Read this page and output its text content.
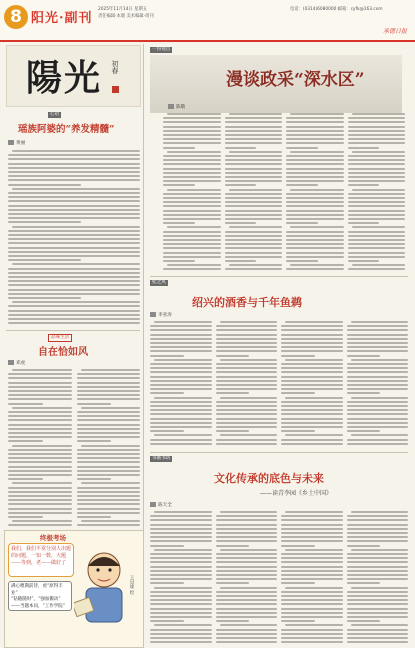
8 阳光·副刊
2025年11月14日 星期五
责任编辑·本版 美术编辑·周刊
电话：(0314)6080000 邮箱：cyfk@163.com
承德日报
陽光 初春
心语
瑶族阿婆的“养发精髓”
黄丽
品味生活
自在恰如风
邓虎
终极考场
我们，我们平常分别人出题的问题，一知一数，大题——等到，老——做好了
满心喂期前待，看“原得丰业”
“钻随随时”，“强加搬动”
——当题本问，“工作学院”
王冠雄 绘
一得观点
漫谈政采“深水区”
陈敬
桂之风
绍兴的酒香与千年鱼鹈
李亚涛
书画书坊
文化传承的底色与未来
——读青李园《乡土中国》
陈天全
